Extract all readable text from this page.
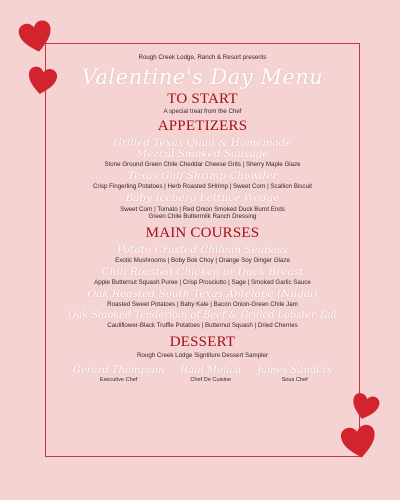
Rough Creek Lodge, Ranch & Resort presents
Valentine's Day Menu
TO START
A special treat from the Chef
APPETIZERS
Grilled Texas Quail & Homemade Mezcal Smoked Sausage
Stone Ground Green Chile Cheddar Cheese Grits | Sherry Maple Glaze
Texas Gulf Shrimp Chowder
Crisp Fingerling Potatoes | Herb Roasted SHrimp | Sweet Corn | Scallion Biscuit
Baby Iceberg Lettuce Wedge
Sweet Corn | Tomato | Red Onion Smoked Duck Burnt Ends
Green Chile Buttermilk Ranch Dressing
MAIN COURSES
Potato Crusted Chilean Seabass
Exotic Mushrooms | Boby Bok Choy | Orange Soy Ginger Glaze
Chili Roasted Chicken or Duck Breast
Apple Butternut Squash Puree | Crisp Prosciutto | Sage | Smoked Garlic Sauce
Oak Roasted South Texas Antelope (Nilgai)
Roasted Sweet Potatoes | Baby Kale | Bacon Onion-Green Chile Jam
Oak Smoked Tenderloin of Beef & Grilled Lobster Tail
Cauliflower-Black Truffle Potatoes | Butternut Squash | Dried Cherries
DESSERT
Rough Creek Lodge Signtiture Dessert Sampler
Gerard Thompson
Executive Chef
Raul Mojica
Chef De Cuisine
James Sanders
Sous Chef
